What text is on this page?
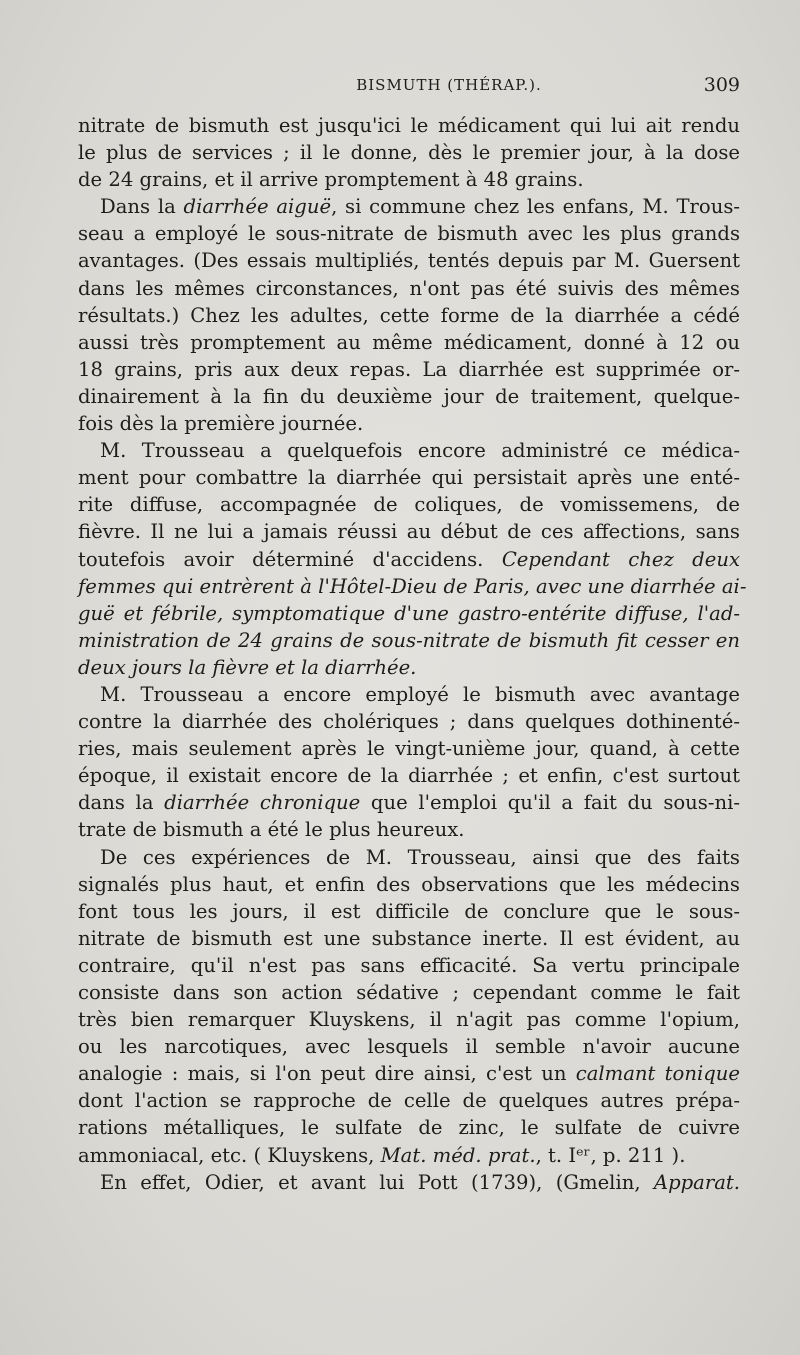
BISMUTH (THÉRAP.).	309
nitrate de bismuth est jusqu'ici le médicament qui lui ait rendu
le plus de services ; il le donne, dès le premier jour, à la dose
de 24 grains, et il arrive promptement à 48 grains.
Dans la diarrhée aiguë, si commune chez les enfans, M. Trous-
seau a employé le sous-nitrate de bismuth avec les plus grands
avantages. (Des essais multipliés, tentés depuis par M. Guersent
dans les mêmes circonstances, n'ont pas été suivis des mêmes
résultats.) Chez les adultes, cette forme de la diarrhée a cédé
aussi très promptement au même médicament, donné à 12 ou
18 grains, pris aux deux repas. La diarrhée est supprimée or-
dinairement à la fin du deuxième jour de traitement, quelque-
fois dès la première journée.
M. Trousseau a quelquefois encore administré ce médica-
ment pour combattre la diarrhée qui persistait après une enté-
rite diffuse, accompagnée de coliques, de vomissemens, de
fièvre. Il ne lui a jamais réussi au début de ces affections, sans
toutefois avoir déterminé d'accidens. Cependant chez deux
femmes qui entrèrent à l'Hôtel-Dieu de Paris, avec une diarrhée ai-
guë et fébrile, symptomatique d'une gastro-entérite diffuse, l'ad-
ministration de 24 grains de sous-nitrate de bismuth fit cesser en
deux jours la fièvre et la diarrhée.
M. Trousseau a encore employé le bismuth avec avantage
contre la diarrhée des cholériques ; dans quelques dothinenté-
ries, mais seulement après le vingt-unième jour, quand, à cette
époque, il existait encore de la diarrhée ; et enfin, c'est surtout
dans la diarrhée chronique que l'emploi qu'il a fait du sous-ni-
trate de bismuth a été le plus heureux.
De ces expériences de M. Trousseau, ainsi que des faits
signalés plus haut, et enfin des observations que les médecins
font tous les jours, il est difficile de conclure que le sous-
nitrate de bismuth est une substance inerte. Il est évident, au
contraire, qu'il n'est pas sans efficacité. Sa vertu principale
consiste dans son action sédative ; cependant comme le fait
très bien remarquer Kluyskens, il n'agit pas comme l'opium,
ou les narcotiques, avec lesquels il semble n'avoir aucune
analogie : mais, si l'on peut dire ainsi, c'est un calmant tonique
dont l'action se rapproche de celle de quelques autres prépa-
rations métalliques, le sulfate de zinc, le sulfate de cuivre
ammoniacal, etc. ( Kluyskens, Mat. méd. prat., t. Iᵉʳ, p. 211 ).
En effet, Odier, et avant lui Pott (1739), (Gmelin, Apparat.
